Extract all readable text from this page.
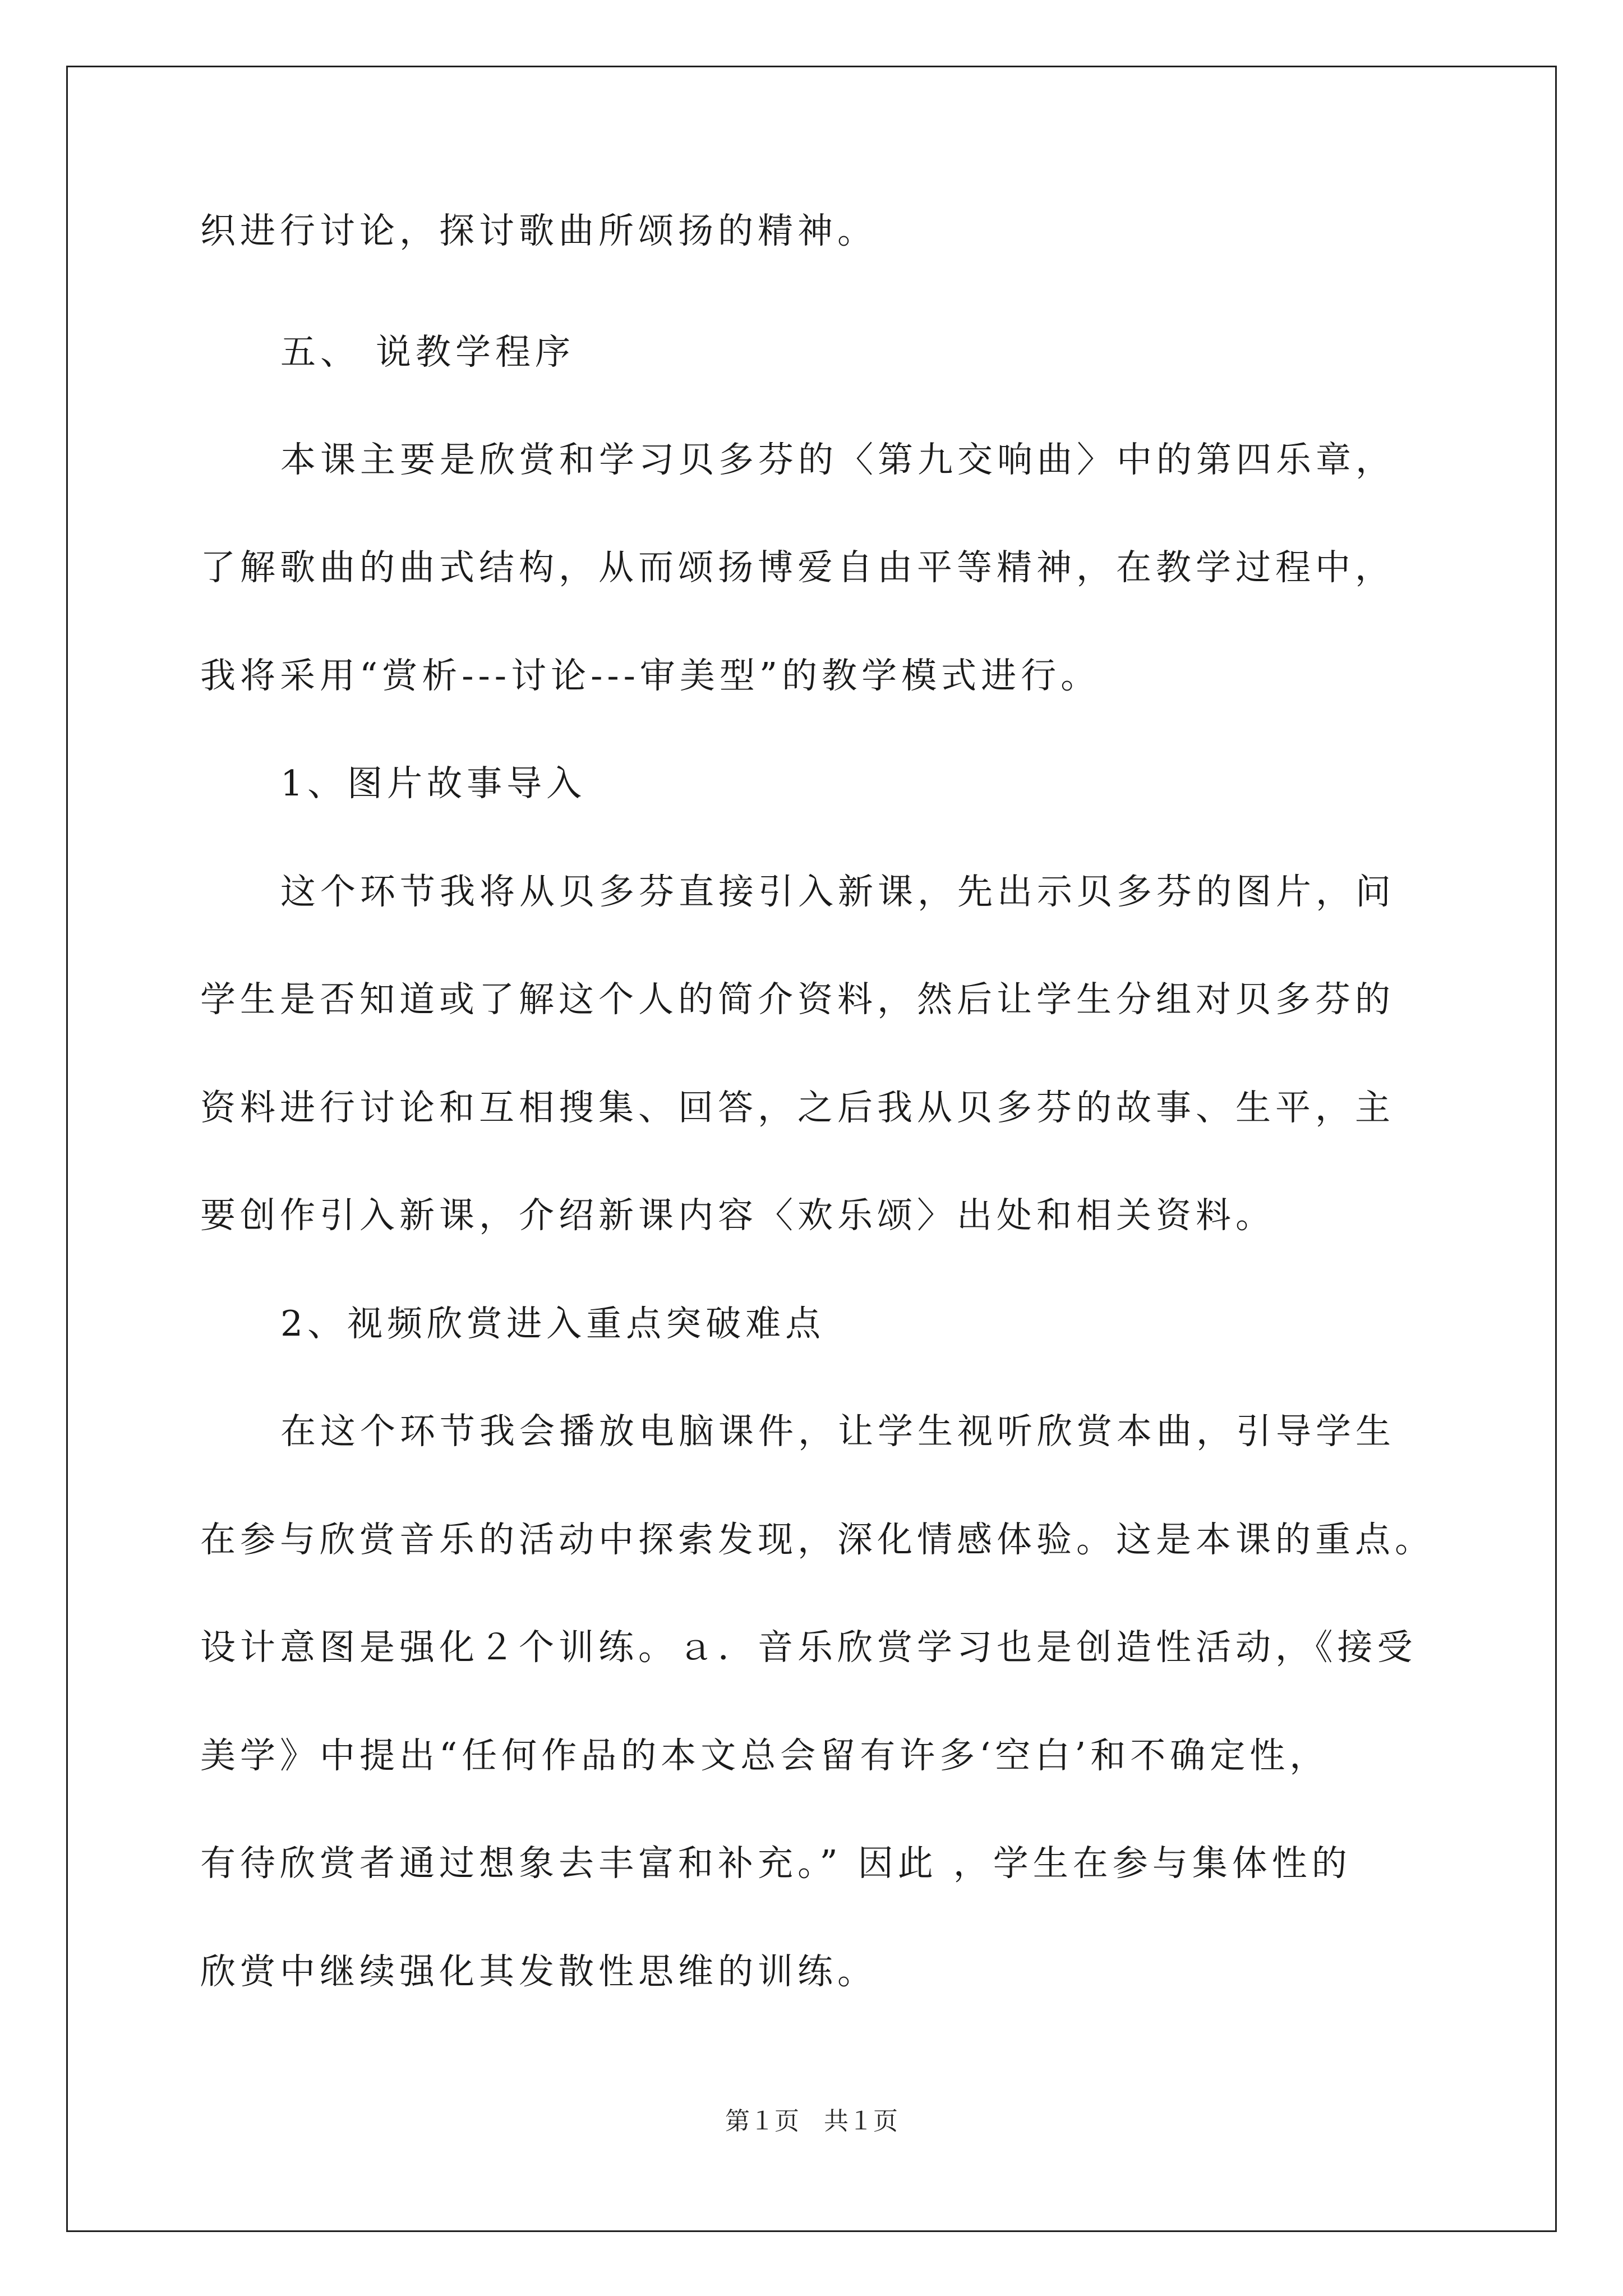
织进行讨论，探讨歌曲所颂扬的精神。
五、 说教学程序
本课主要是欣赏和学习贝多芬的〈第九交响曲〉中的第四乐章，
了解歌曲的曲式结构，从而颂扬博爱自由平等精神，在教学过程中，
我将采用“赏析---讨论---审美型”的教学模式进行。
1、图片故事导入
这个环节我将从贝多芬直接引入新课，先出示贝多芬的图片，问
学生是否知道或了解这个人的简介资料，然后让学生分组对贝多芬的
资料进行讨论和互相搜集、回答，之后我从贝多芬的故事、生平，主
要创作引入新课，介绍新课内容〈欢乐颂〉出处和相关资料。
2、视频欣赏进入重点突破难点
在这个环节我会播放电脑课件，让学生视听欣赏本曲，引导学生
在参与欣赏音乐的活动中探索发现，深化情感体验。这是本课的重点。
设计意图是强化２个训练。ａ．音乐欣赏学习也是创造性活动，《接受
美学》中提出“任何作品的本文总会留有许多‘空白’和不确定性，
有待欣赏者通过想象去丰富和补充。” 因此 ，学生在参与集体性的
欣赏中继续强化其发散性思维的训练。
第１页　共１页
